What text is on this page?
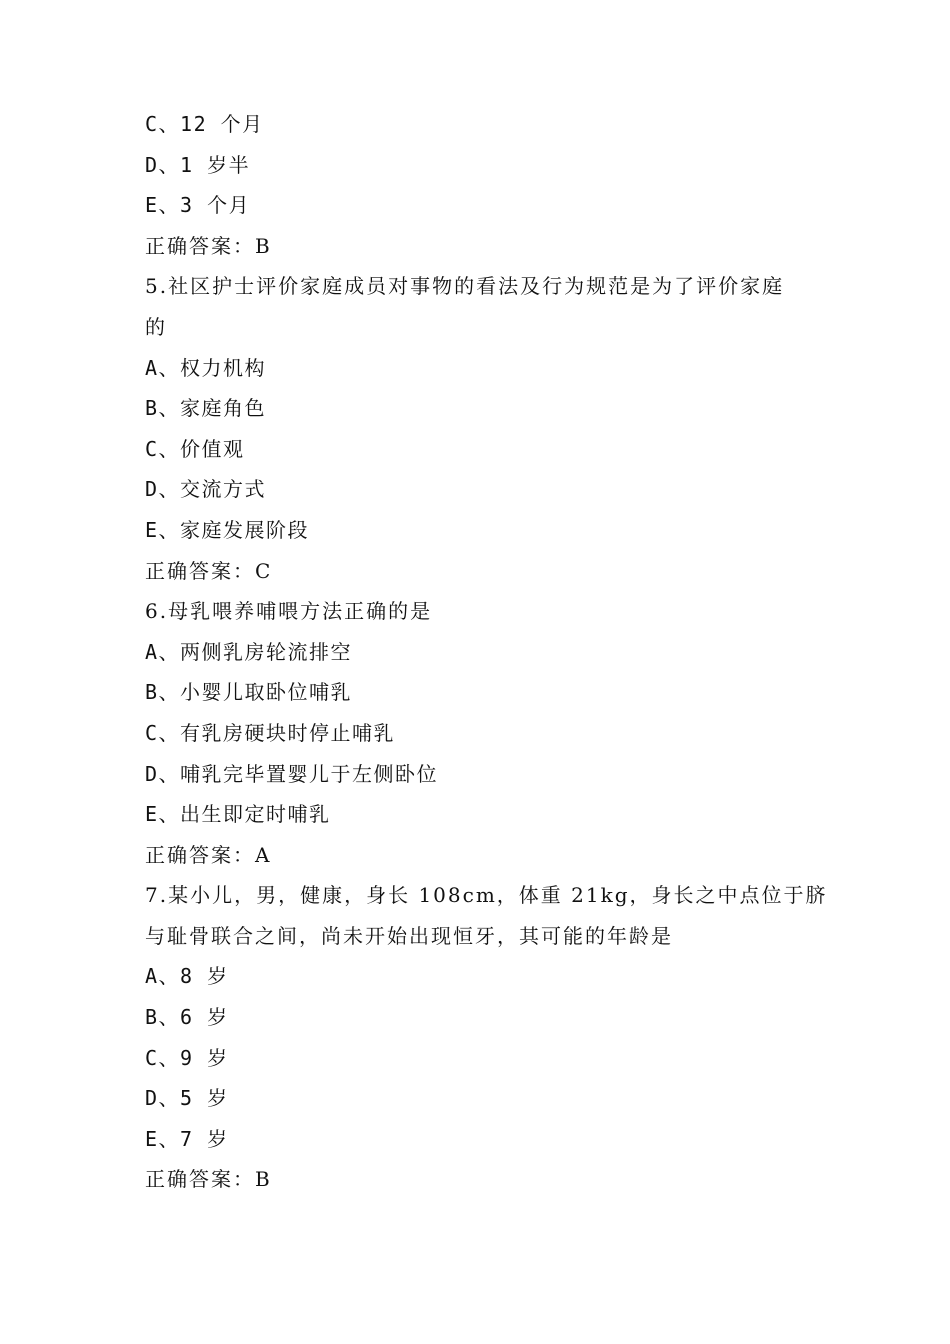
C、12 个月
D、1 岁半
E、3 个月
正确答案：B
5.社区护士评价家庭成员对事物的看法及行为规范是为了评价家庭
的
A、权力机构
B、家庭角色
C、价值观
D、交流方式
E、家庭发展阶段
正确答案：C
6.母乳喂养哺喂方法正确的是
A、两侧乳房轮流排空
B、小婴儿取卧位哺乳
C、有乳房硬块时停止哺乳
D、哺乳完毕置婴儿于左侧卧位
E、出生即定时哺乳
正确答案：A
7.某小儿，男，健康，身长 108cm，体重 21kg，身长之中点位于脐
与耻骨联合之间，尚未开始出现恒牙，其可能的年龄是
A、8 岁
B、6 岁
C、9 岁
D、5 岁
E、7 岁
正确答案：B
